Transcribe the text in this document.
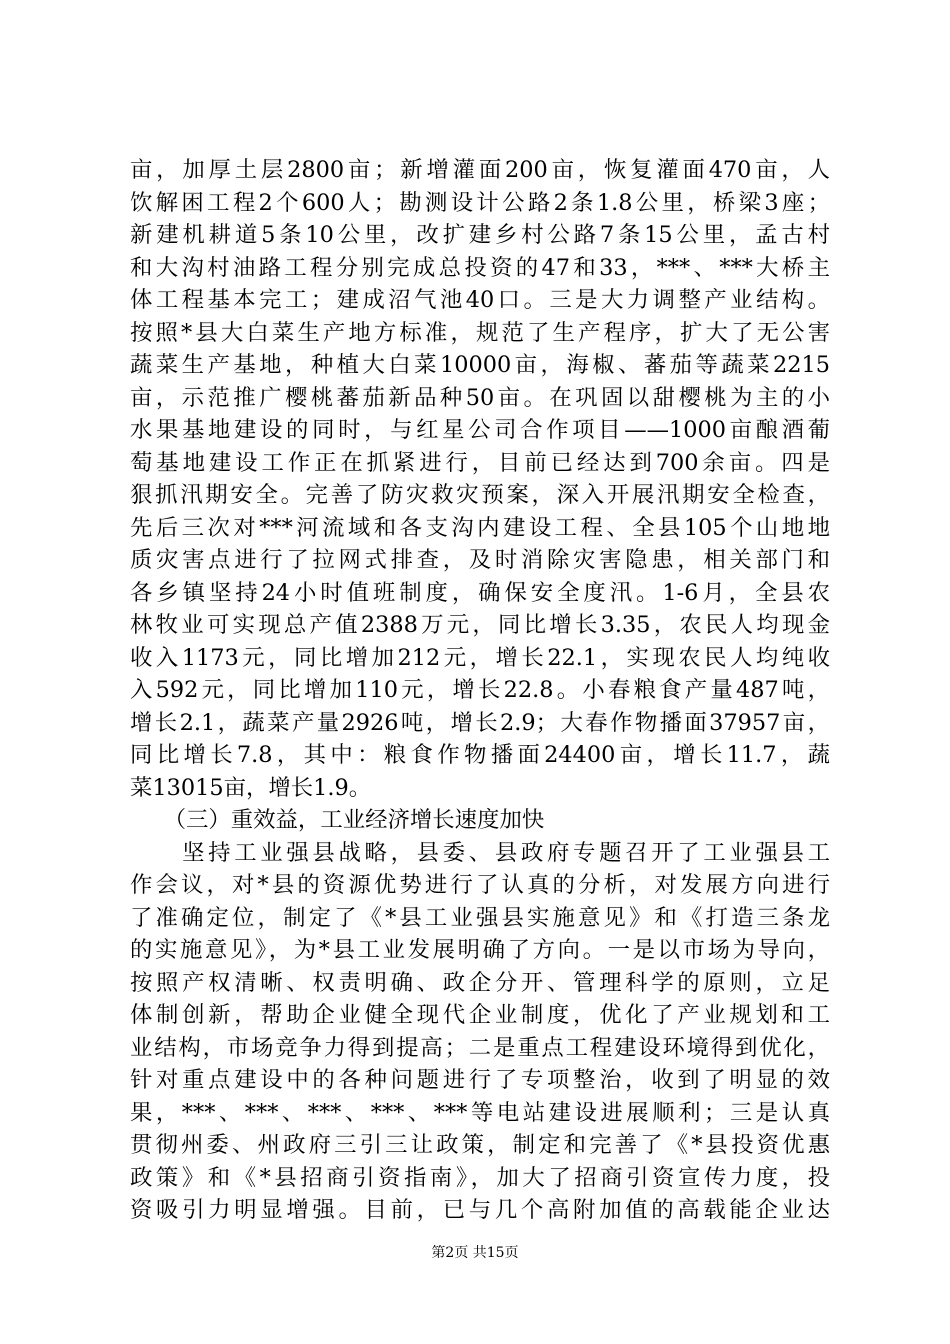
亩，加厚土层2800亩；新增灌面200亩，恢复灌面470亩，人
饮解困工程2个600人；勘测设计公路2条1.8公里，桥梁3座；
新建机耕道5条10公里，改扩建乡村公路7条15公里，孟古村
和大沟村油路工程分别完成总投资的47和33，***、***大桥主
体工程基本完工；建成沼气池40口。三是大力调整产业结构。
按照*县大白菜生产地方标准，规范了生产程序，扩大了无公害
蔬菜生产基地，种植大白菜10000亩，海椒、蕃茄等蔬菜2215
亩，示范推广樱桃蕃茄新品种50亩。在巩固以甜樱桃为主的小
水果基地建设的同时，与红星公司合作项目——1000亩酿酒葡
萄基地建设工作正在抓紧进行，目前已经达到700余亩。四是
狠抓汛期安全。完善了防灾救灾预案，深入开展汛期安全检查，
先后三次对***河流域和各支沟内建设工程、全县105个山地地
质灾害点进行了拉网式排查，及时消除灾害隐患，相关部门和
各乡镇坚持24小时值班制度，确保安全度汛。1-6月，全县农
林牧业可实现总产值2388万元，同比增长3.35，农民人均现金
收入1173元，同比增加212元，增长22.1，实现农民人均纯收
入592元，同比增加110元，增长22.8。小春粮食产量487吨，
增长2.1，蔬菜产量2926吨，增长2.9；大春作物播面37957亩，
同比增长7.8，其中：粮食作物播面24400亩，增长11.7，蔬
菜13015亩，增长1.9。
　　（三）重效益，工业经济增长速度加快
　　坚持工业强县战略，县委、县政府专题召开了工业强县工
作会议，对*县的资源优势进行了认真的分析，对发展方向进行
了准确定位，制定了《*县工业强县实施意见》和《打造三条龙
的实施意见》，为*县工业发展明确了方向。一是以市场为导向，
按照产权清晰、权责明确、政企分开、管理科学的原则，立足
体制创新，帮助企业健全现代企业制度，优化了产业规划和工
业结构，市场竞争力得到提高；二是重点工程建设环境得到优化，
针对重点建设中的各种问题进行了专项整治，收到了明显的效
果，***、***、***、***、***等电站建设进展顺利；三是认真
贯彻州委、州政府三引三让政策，制定和完善了《*县投资优惠
政策》和《*县招商引资指南》，加大了招商引资宣传力度，投
资吸引力明显增强。目前，已与几个高附加值的高载能企业达
第2页 共15页
